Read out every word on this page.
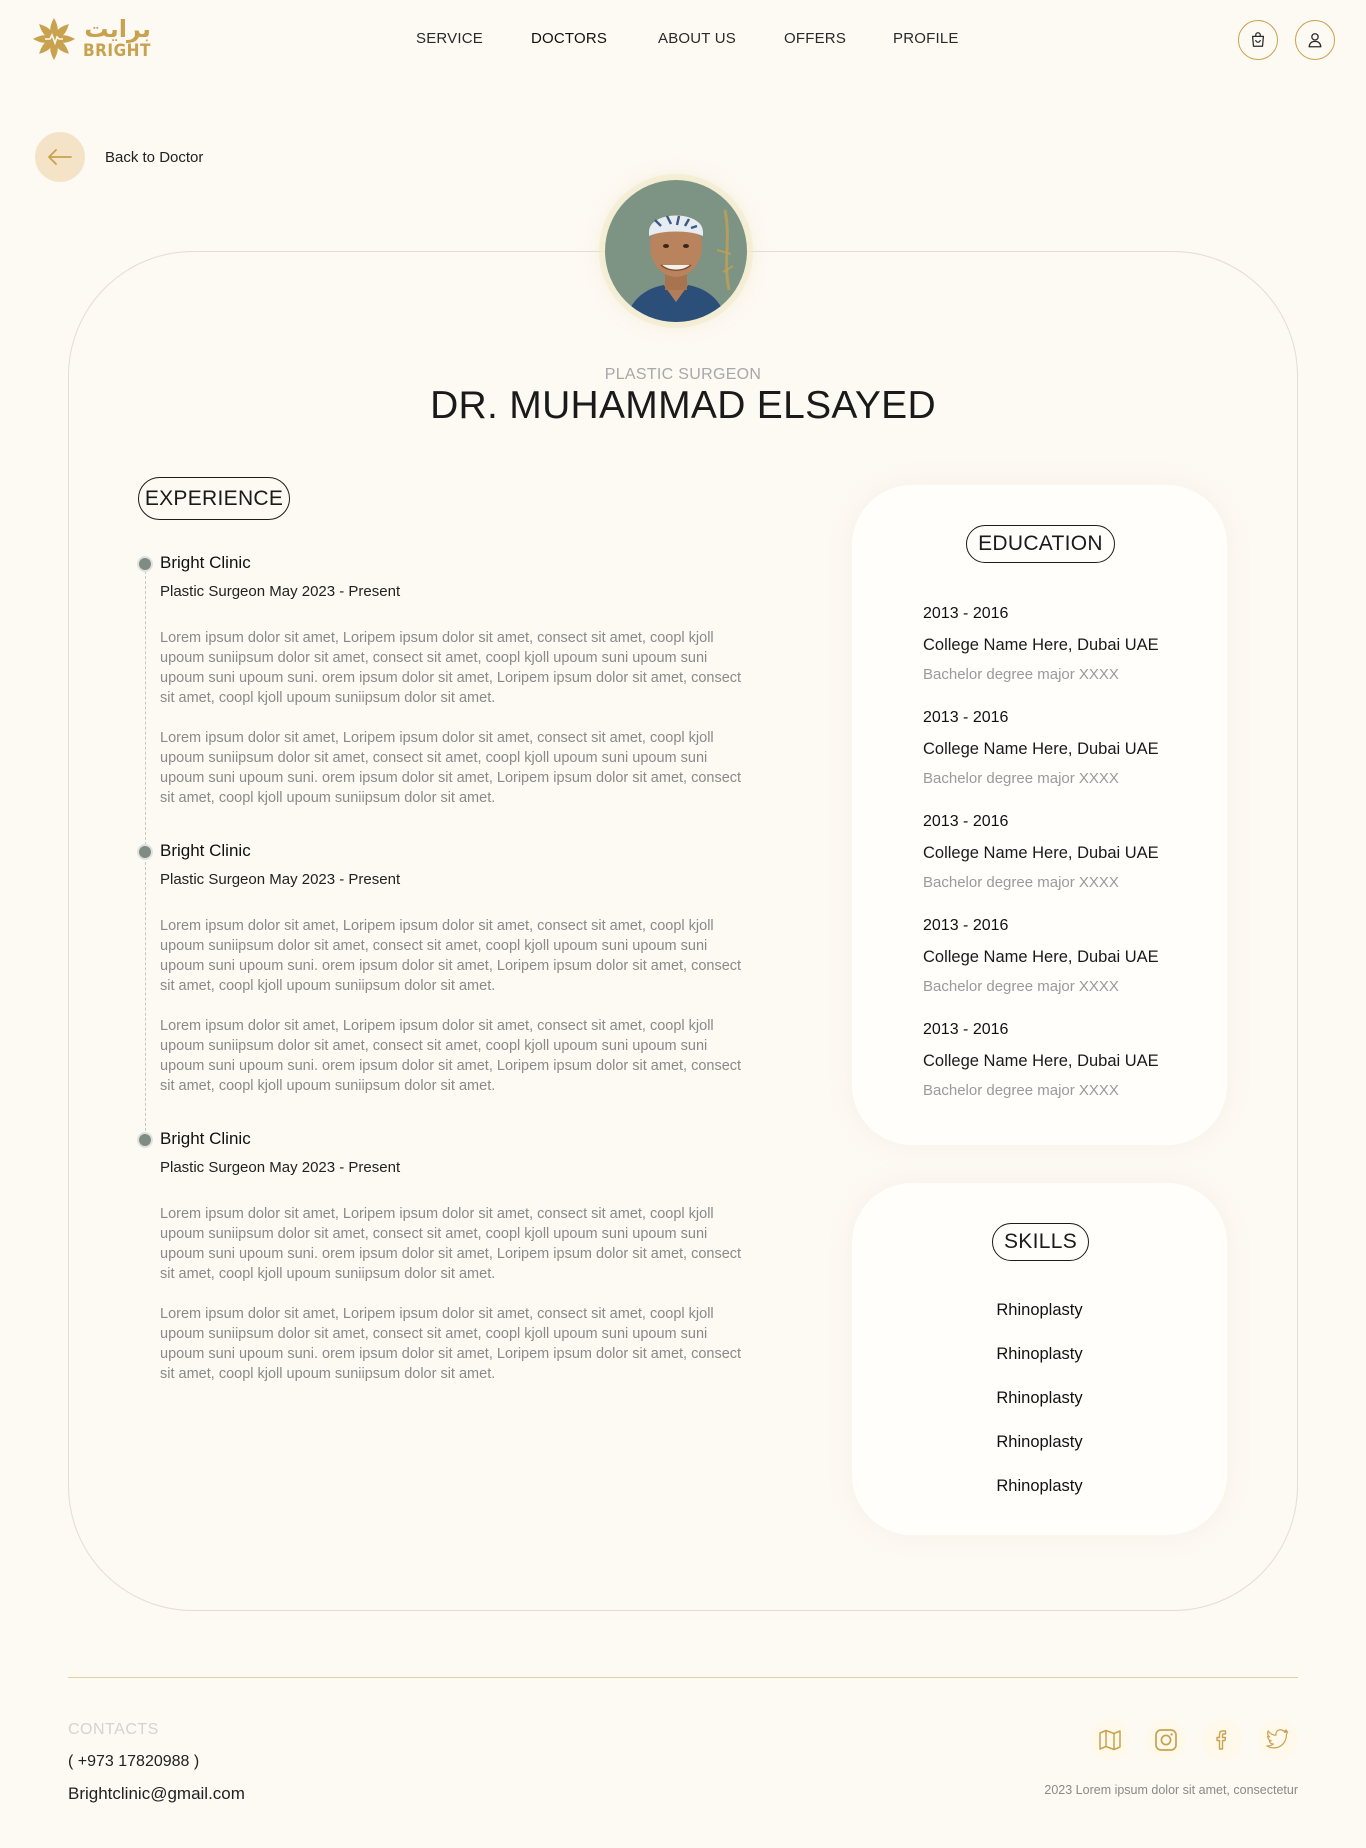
برايت
BRIGHT
SERVICE	DOCTORS	ABOUT US	OFFERS	PROFILE
Back to Doctor
PLASTIC SURGEON
DR. MUHAMMAD ELSAYED
EXPERIENCE
Bright Clinic
Plastic Surgeon May 2023 - Present

Lorem ipsum dolor sit amet, Loripem ipsum dolor sit amet, consect sit amet, coopl kjoll upoum suniipsum dolor sit amet, consect sit amet, coopl kjoll upoum suni upoum suni upoum suni upoum suni. orem ipsum dolor sit amet, Loripem ipsum dolor sit amet, consect sit amet, coopl kjoll upoum suniipsum dolor sit amet.

Lorem ipsum dolor sit amet, Loripem ipsum dolor sit amet, consect sit amet, coopl kjoll upoum suniipsum dolor sit amet, consect sit amet, coopl kjoll upoum suni upoum suni upoum suni upoum suni. orem ipsum dolor sit amet, Loripem ipsum dolor sit amet, consect sit amet, coopl kjoll upoum suniipsum dolor sit amet.

Bright Clinic
Plastic Surgeon May 2023 - Present

Lorem ipsum dolor sit amet, Loripem ipsum dolor sit amet, consect sit amet, coopl kjoll upoum suniipsum dolor sit amet, consect sit amet, coopl kjoll upoum suni upoum suni upoum suni upoum suni. orem ipsum dolor sit amet, Loripem ipsum dolor sit amet, consect sit amet, coopl kjoll upoum suniipsum dolor sit amet.

Lorem ipsum dolor sit amet, Loripem ipsum dolor sit amet, consect sit amet, coopl kjoll upoum suniipsum dolor sit amet, consect sit amet, coopl kjoll upoum suni upoum suni upoum suni upoum suni. orem ipsum dolor sit amet, Loripem ipsum dolor sit amet, consect sit amet, coopl kjoll upoum suniipsum dolor sit amet.

Bright Clinic
Plastic Surgeon May 2023 - Present

Lorem ipsum dolor sit amet, Loripem ipsum dolor sit amet, consect sit amet, coopl kjoll upoum suniipsum dolor sit amet, consect sit amet, coopl kjoll upoum suni upoum suni upoum suni upoum suni. orem ipsum dolor sit amet, Loripem ipsum dolor sit amet, consect sit amet, coopl kjoll upoum suniipsum dolor sit amet.

Lorem ipsum dolor sit amet, Loripem ipsum dolor sit amet, consect sit amet, coopl kjoll upoum suniipsum dolor sit amet, consect sit amet, coopl kjoll upoum suni upoum suni upoum suni upoum suni. orem ipsum dolor sit amet, Loripem ipsum dolor sit amet, consect sit amet, coopl kjoll upoum suniipsum dolor sit amet.

EDUCATION
2013 - 2016
College Name Here, Dubai UAE
Bachelor degree major XXXX
2013 - 2016
College Name Here, Dubai UAE
Bachelor degree major XXXX
2013 - 2016
College Name Here, Dubai UAE
Bachelor degree major XXXX
2013 - 2016
College Name Here, Dubai UAE
Bachelor degree major XXXX
2013 - 2016
College Name Here, Dubai UAE
Bachelor degree major XXXX
SKILLS
Rhinoplasty
Rhinoplasty
Rhinoplasty
Rhinoplasty
Rhinoplasty
CONTACTS
( +973 17820988 )
Brightclinic@gmail.com	2023 Lorem ipsum dolor sit amet, consectetur
